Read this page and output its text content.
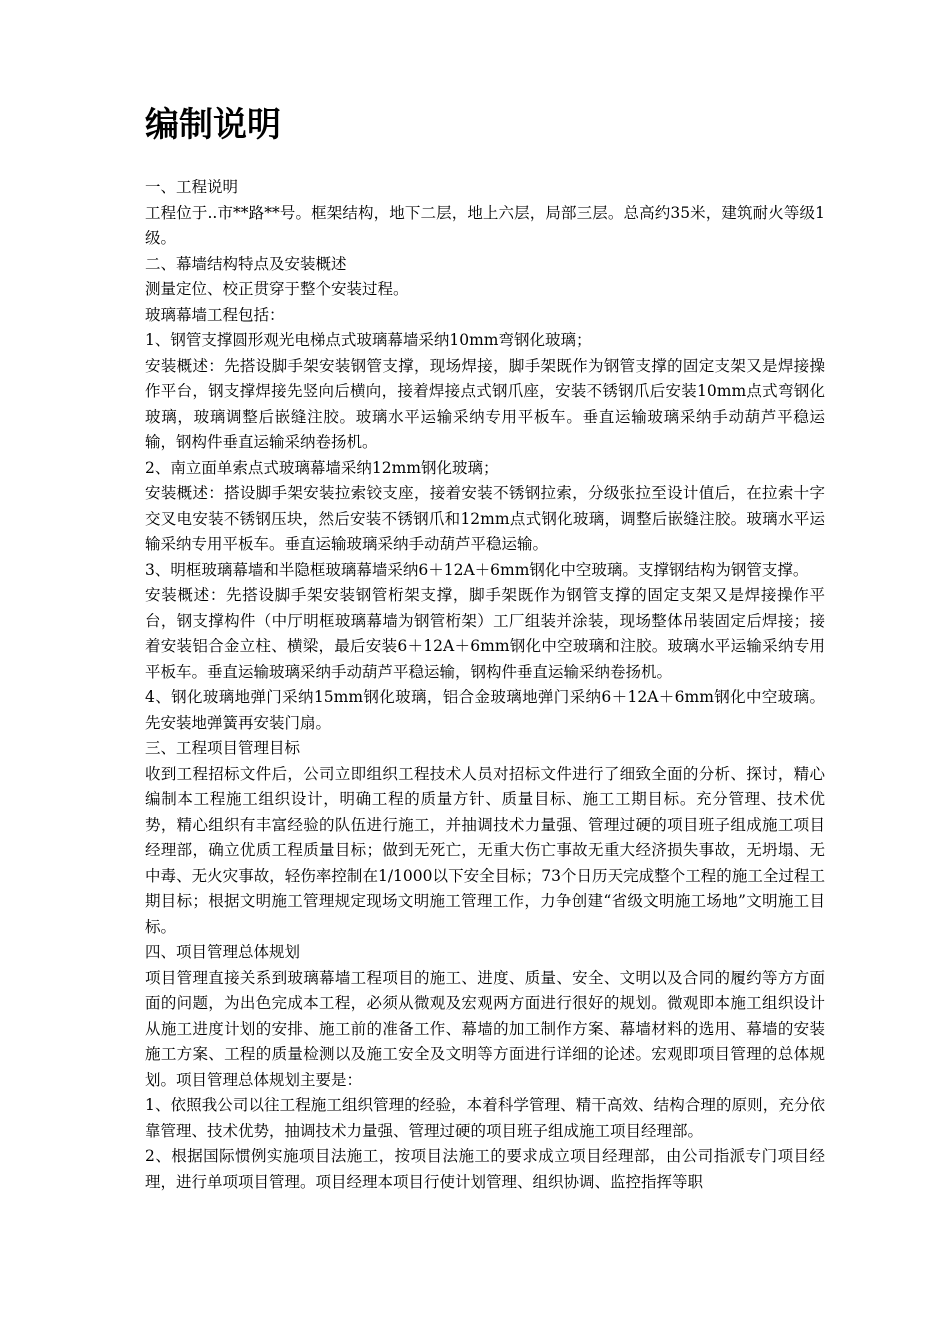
编制说明

一、工程说明

工程位于..市**路**号。框架结构，地下二层，地上六层，局部三层。总高约35米，建筑耐火等级1级。

二、幕墙结构特点及安装概述

测量定位、校正贯穿于整个安装过程。

玻璃幕墙工程包括：

1、钢管支撑圆形观光电梯点式玻璃幕墙采纳10mm弯钢化玻璃；

安装概述：先搭设脚手架安装钢管支撑，现场焊接，脚手架既作为钢管支撑的固定支架又是焊接操作平台，钢支撑焊接先竖向后横向，接着焊接点式钢爪座，安装不锈钢爪后安装10mm点式弯钢化玻璃，玻璃调整后嵌缝注胶。玻璃水平运输采纳专用平板车。垂直运输玻璃采纳手动葫芦平稳运输，钢构件垂直运输采纳卷扬机。

2、南立面单索点式玻璃幕墙采纳12mm钢化玻璃；

安装概述：搭设脚手架安装拉索铰支座，接着安装不锈钢拉索，分级张拉至设计值后，在拉索十字交叉电安装不锈钢压块，然后安装不锈钢爪和12mm点式钢化玻璃，调整后嵌缝注胶。玻璃水平运输采纳专用平板车。垂直运输玻璃采纳手动葫芦平稳运输。

3、明框玻璃幕墙和半隐框玻璃幕墙采纳6＋12A＋6mm钢化中空玻璃。支撑钢结构为钢管支撑。

安装概述：先搭设脚手架安装钢管桁架支撑，脚手架既作为钢管支撑的固定支架又是焊接操作平台，钢支撑构件（中厅明框玻璃幕墙为钢管桁架）工厂组装并涂装，现场整体吊装固定后焊接；接着安装铝合金立柱、横梁，最后安装6＋12A＋6mm钢化中空玻璃和注胶。玻璃水平运输采纳专用平板车。垂直运输玻璃采纳手动葫芦平稳运输，钢构件垂直运输采纳卷扬机。

4、钢化玻璃地弹门采纳15mm钢化玻璃，铝合金玻璃地弹门采纳6＋12A＋6mm钢化中空玻璃。先安装地弹簧再安装门扇。

三、工程项目管理目标

收到工程招标文件后，公司立即组织工程技术人员对招标文件进行了细致全面的分析、探讨，精心编制本工程施工组织设计，明确工程的质量方针、质量目标、施工工期目标。充分管理、技术优势，精心组织有丰富经验的队伍进行施工，并抽调技术力量强、管理过硬的项目班子组成施工项目经理部，确立优质工程质量目标；做到无死亡，无重大伤亡事故无重大经济损失事故，无坍塌、无中毒、无火灾事故，轻伤率控制在1/1000以下安全目标；73个日历天完成整个工程的施工全过程工期目标；根据文明施工管理规定现场文明施工管理工作，力争创建“省级文明施工场地”文明施工目标。

四、项目管理总体规划

项目管理直接关系到玻璃幕墙工程项目的施工、进度、质量、安全、文明以及合同的履约等方方面面的问题，为出色完成本工程，必须从微观及宏观两方面进行很好的规划。微观即本施工组织设计从施工进度计划的安排、施工前的准备工作、幕墙的加工制作方案、幕墙材料的选用、幕墙的安装施工方案、工程的质量检测以及施工安全及文明等方面进行详细的论述。宏观即项目管理的总体规划。项目管理总体规划主要是：

1、依照我公司以往工程施工组织管理的经验，本着科学管理、精干高效、结构合理的原则，充分依靠管理、技术优势，抽调技术力量强、管理过硬的项目班子组成施工项目经理部。

2、根据国际惯例实施项目法施工，按项目法施工的要求成立项目经理部，由公司指派专门项目经理，进行单项项目管理。项目经理本项目行使计划管理、组织协调、监控指挥等职
